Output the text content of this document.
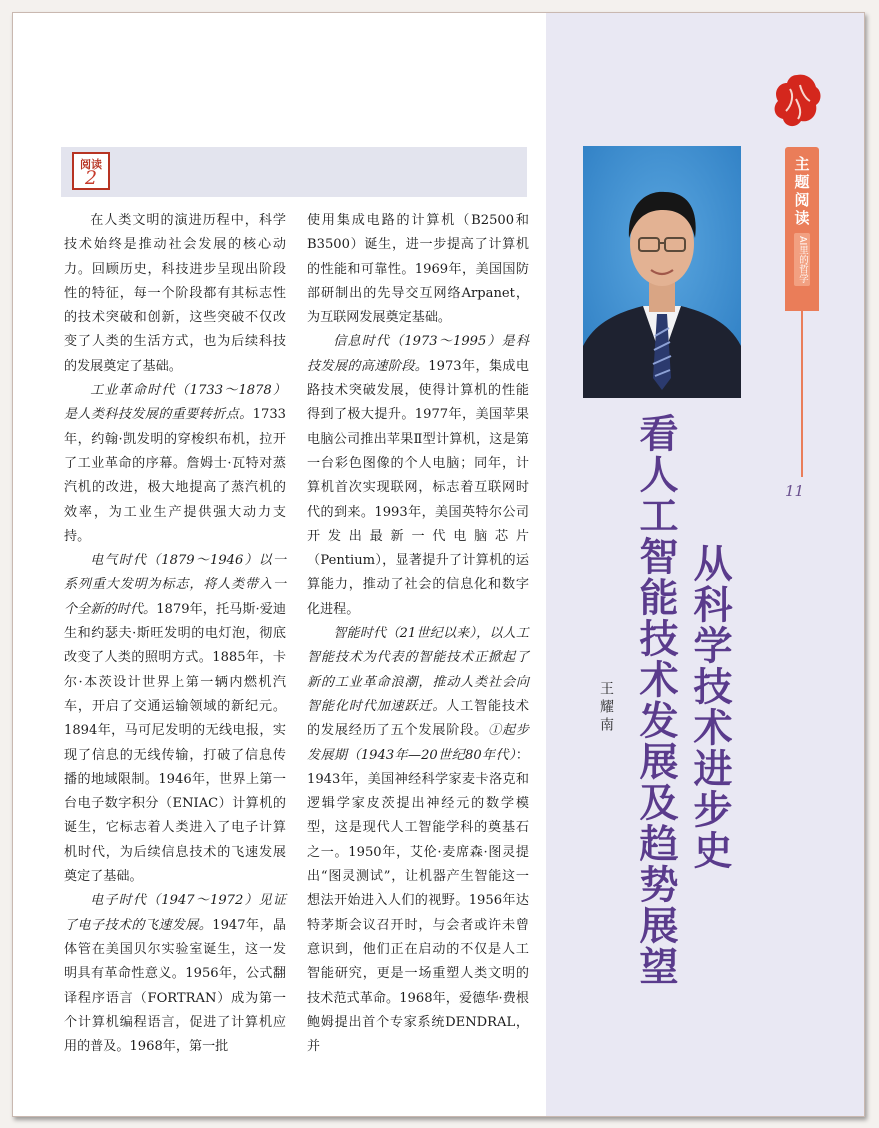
阅读
2

在人类文明的演进历程中，科学技术始终是推动社会发展的核心动力。回顾历史，科技进步呈现出阶段性的特征，每一个阶段都有其标志性的技术突破和创新，这些突破不仅改变了人类的生活方式，也为后续科技的发展奠定了基础。

工业革命时代（1733～1878）是人类科技发展的重要转折点。1733年，约翰·凯发明的穿梭织布机，拉开了工业革命的序幕。詹姆士·瓦特对蒸汽机的改进，极大地提高了蒸汽机的效率，为工业生产提供强大动力支持。

电气时代（1879～1946）以一系列重大发明为标志，将人类带入一个全新的时代。1879年，托马斯·爱迪生和约瑟夫·斯旺发明的电灯泡，彻底改变了人类的照明方式。1885年，卡尔·本茨设计世界上第一辆内燃机汽车，开启了交通运输领域的新纪元。1894年，马可尼发明的无线电报，实现了信息的无线传输，打破了信息传播的地域限制。1946年，世界上第一台电子数字积分（ENIAC）计算机的诞生，它标志着人类进入了电子计算机时代，为后续信息技术的飞速发展奠定了基础。

电子时代（1947～1972）见证了电子技术的飞速发展。1947年，晶体管在美国贝尔实验室诞生，这一发明具有革命性意义。1956年，公式翻译程序语言（FORTRAN）成为第一个计算机编程语言，促进了计算机应用的普及。1968年，第一批

使用集成电路的计算机（B2500和B3500）诞生，进一步提高了计算机的性能和可靠性。1969年，美国国防部研制出的先导交互网络Arpanet，为互联网发展奠定基础。

信息时代（1973～1995）是科技发展的高速阶段。1973年，集成电路技术突破发展，使得计算机的性能得到了极大提升。1977年，美国苹果电脑公司推出苹果Ⅱ型计算机，这是第一台彩色图像的个人电脑；同年，计算机首次实现联网，标志着互联网时代的到来。1993年，美国英特尔公司开发出最新一代电脑芯片（Pentium），显著提升了计算机的运算能力，推动了社会的信息化和数字化进程。

智能时代（21世纪以来），以人工智能技术为代表的智能技术正掀起了新的工业革命浪潮，推动人类社会向智能化时代加速跃迁。人工智能技术的发展经历了五个发展阶段。①起步发展期（1943年—20世纪80年代）：1943年，美国神经科学家麦卡洛克和逻辑学家皮茨提出神经元的数学模型，这是现代人工智能学科的奠基石之一。1950年，艾伦·麦席森·图灵提出“图灵测试”，让机器产生智能这一想法开始进入人们的视野。1956年达特茅斯会议召开时，与会者或许未曾意识到，他们正在启动的不仅是人工智能研究，更是一场重塑人类文明的技术范式革命。1968年，爱德华·费根鲍姆提出首个专家系统DENDRAL，并

主
题
阅
读
AI里的哲学
11
看人工智能技术发展及趋势展望 从科学技术进步史
王耀南
